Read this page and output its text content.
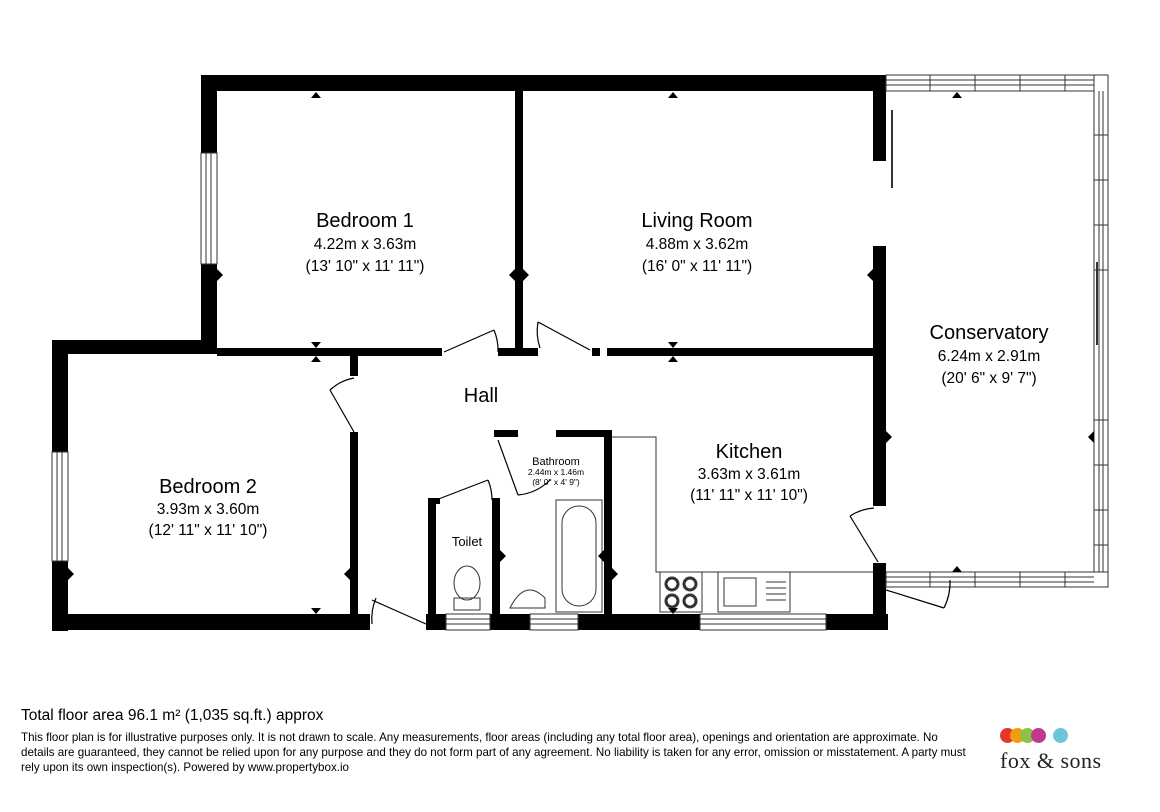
Bedroom 1
4.22m x 3.63m
(13' 10" x 11' 11")
Living Room
4.88m x 3.62m
(16' 0" x 11' 11")
Conservatory
6.24m x 2.91m
(20' 6" x 9' 7")
Hall
Kitchen
3.63m x 3.61m
(11' 11" x 11' 10")
Bedroom 2
3.93m x 3.60m
(12' 11" x 11' 10")
Bathroom
2.44m x 1.46m
(8' 0" x 4' 9")
Toilet

Total floor area 96.1 m² (1,035 sq.ft.) approx

This floor plan is for illustrative purposes only. It is not drawn to scale. Any measurements, floor areas (including any total floor area), openings and orientation are approximate. No details are guaranteed, they cannot be relied upon for any purpose and they do not form part of any agreement. No liability is taken for any error, omission or misstatement. A party must rely upon its own inspection(s). Powered by www.propertybox.io	fox & sons
